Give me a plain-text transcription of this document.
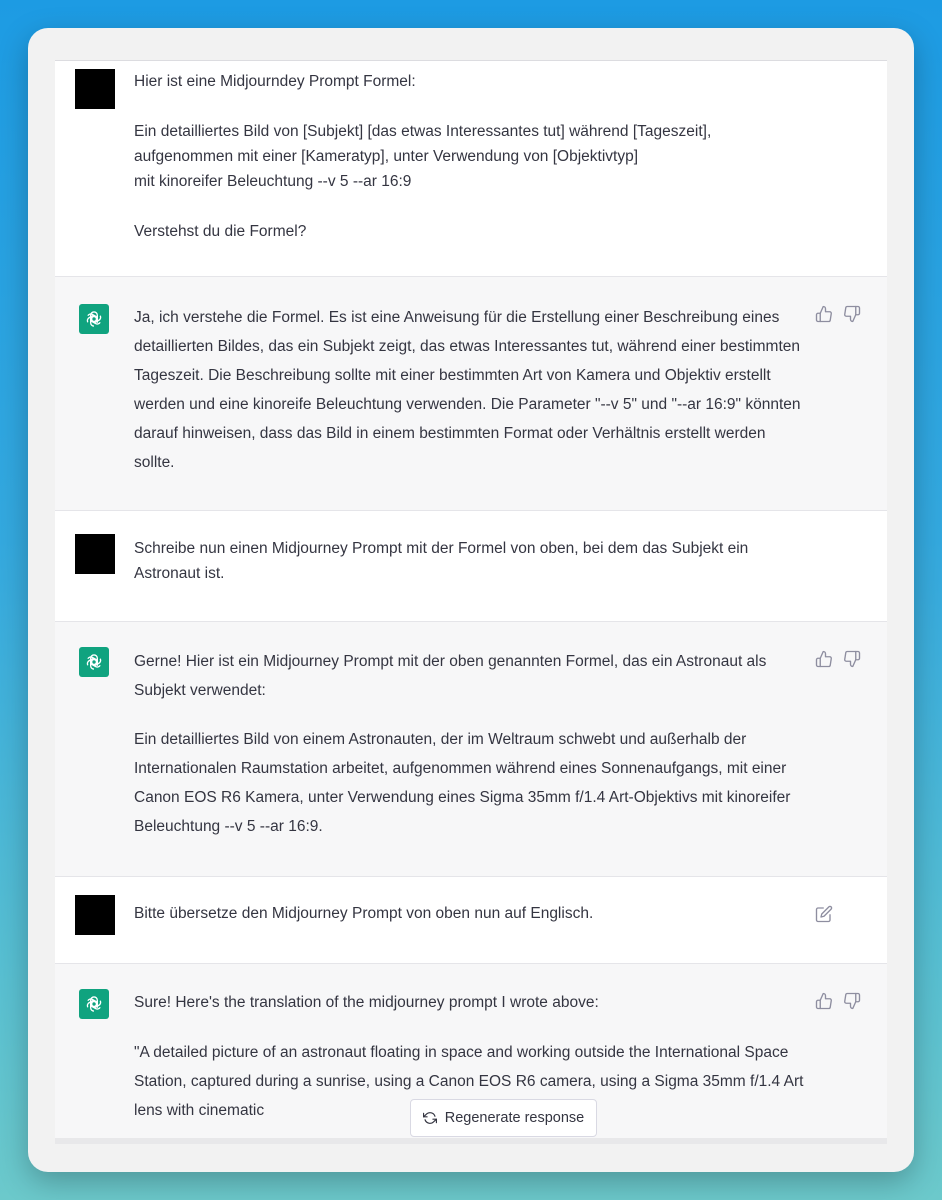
Hier ist eine Midjourndey Prompt Formel:

Ein detailliertes Bild von [Subjekt] [das etwas Interessantes tut] während [Tageszeit],
aufgenommen mit einer [Kameratyp], unter Verwendung von [Objektivtyp]
mit kinoreifer Beleuchtung --v 5 --ar 16:9

Verstehst du die Formel?

Ja, ich verstehe die Formel. Es ist eine Anweisung für die Erstellung einer Beschreibung eines detaillierten Bildes, das ein Subjekt zeigt, das etwas Interessantes tut, während einer bestimmten Tageszeit. Die Beschreibung sollte mit einer bestimmten Art von Kamera und Objektiv erstellt werden und eine kinoreife Beleuchtung verwenden. Die Parameter "--v 5" und "--ar 16:9" könnten darauf hinweisen, dass das Bild in einem bestimmten Format oder Verhältnis erstellt werden sollte.

Schreibe nun einen Midjourney Prompt mit der Formel von oben, bei dem das Subjekt ein Astronaut ist.

Gerne! Hier ist ein Midjourney Prompt mit der oben genannten Formel, das ein Astronaut als Subjekt verwendet:

Ein detailliertes Bild von einem Astronauten, der im Weltraum schwebt und außerhalb der Internationalen Raumstation arbeitet, aufgenommen während eines Sonnenaufgangs, mit einer Canon EOS R6 Kamera, unter Verwendung eines Sigma 35mm f/1.4 Art-Objektivs mit kinoreifer Beleuchtung --v 5 --ar 16:9.

Bitte übersetze den Midjourney Prompt von oben nun auf Englisch.

Sure! Here's the translation of the midjourney prompt I wrote above:

"A detailed picture of an astronaut floating in space and working outside the International Space Station, captured during a sunrise, using a Canon EOS R6 camera, using a Sigma 35mm f/1.4 Art lens with cinematic	Regenerate response
